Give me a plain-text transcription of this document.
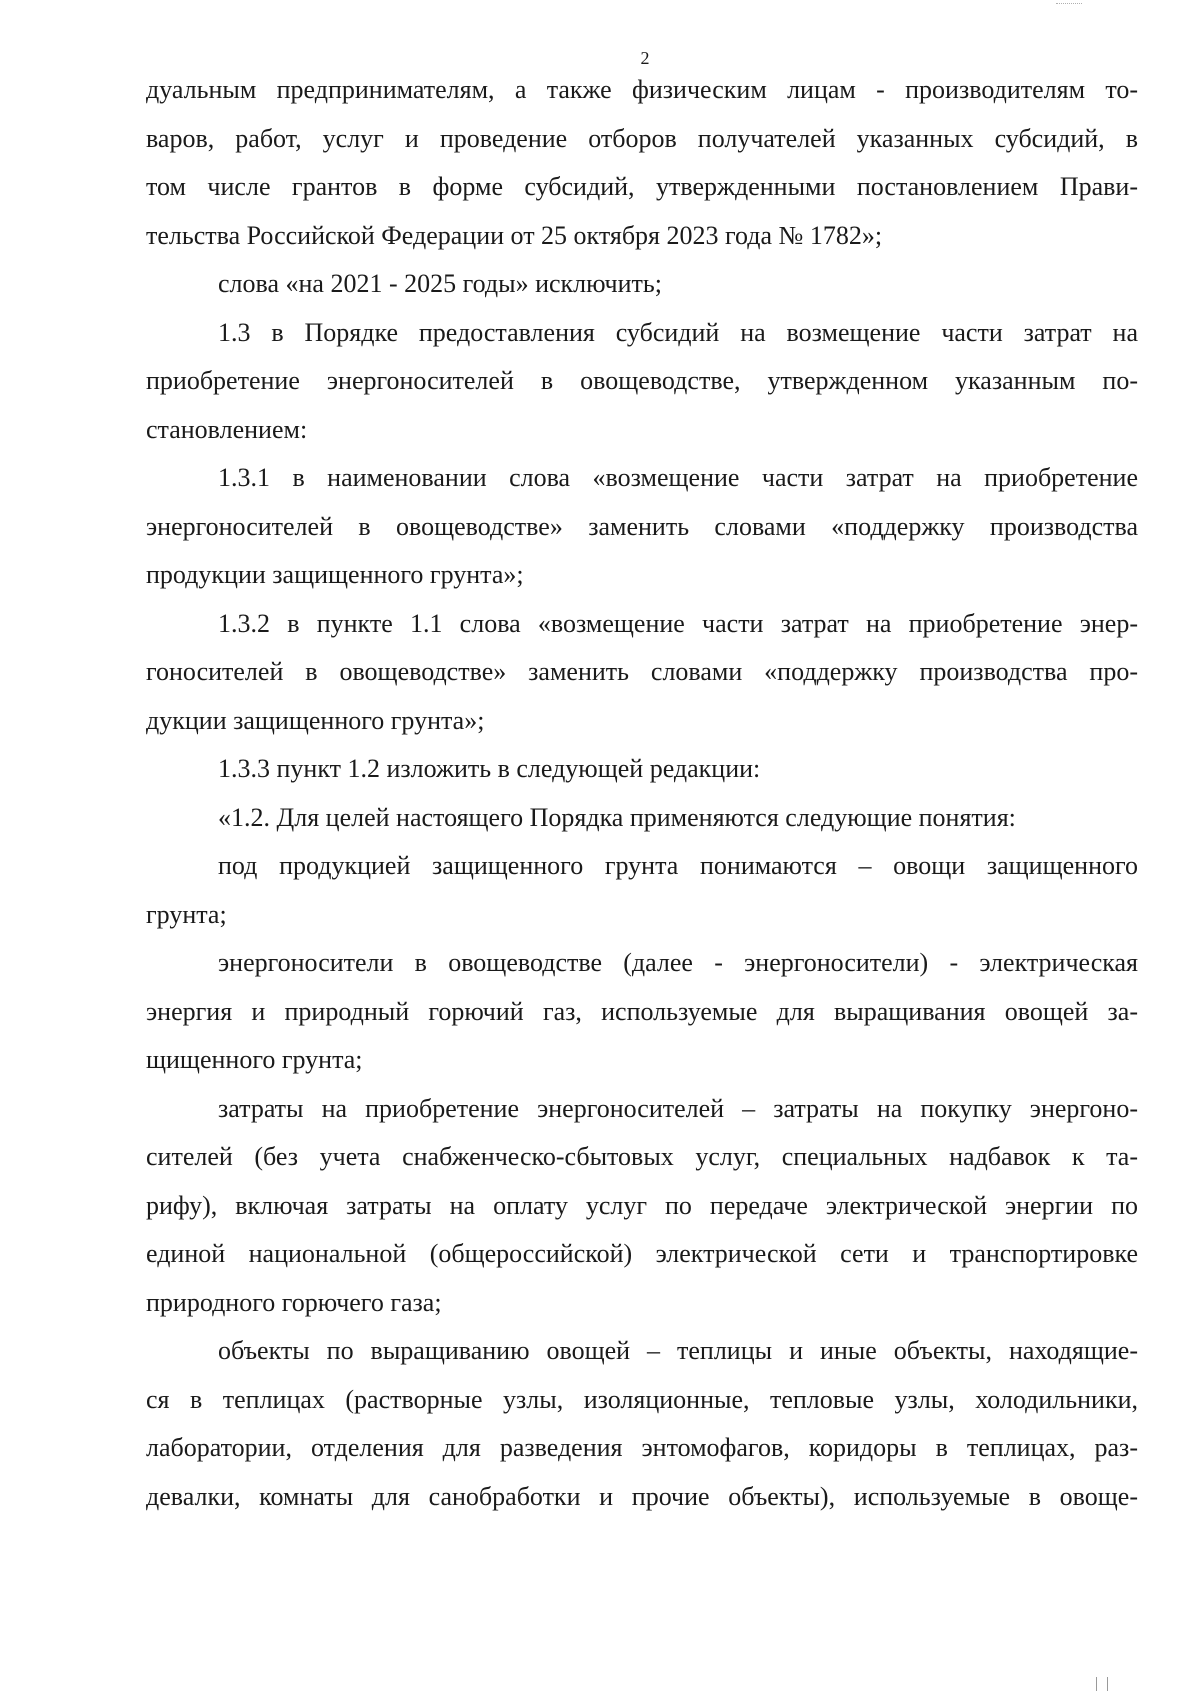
2
дуальным предпринимателям, а также физическим лицам - производителям то-
варов, работ, услуг и проведение отборов получателей указанных субсидий, в
том числе грантов в форме субсидий, утвержденными постановлением Прави-
тельства Российской Федерации от 25 октября 2023 года № 1782»;
слова «на 2021 - 2025 годы» исключить;
1.3 в Порядке предоставления субсидий на возмещение части затрат на
приобретение энергоносителей в овощеводстве, утвержденном указанным по-
становлением:
1.3.1 в наименовании слова «возмещение части затрат на приобретение
энергоносителей в овощеводстве» заменить словами «поддержку производства
продукции защищенного грунта»;
1.3.2 в пункте 1.1 слова «возмещение части затрат на приобретение энер-
гоносителей в овощеводстве» заменить словами «поддержку производства про-
дукции защищенного грунта»;
1.3.3 пункт 1.2 изложить в следующей редакции:
«1.2. Для целей настоящего Порядка применяются следующие понятия:
под продукцией защищенного грунта понимаются – овощи защищенного
грунта;
энергоносители в овощеводстве (далее - энергоносители) - электрическая
энергия и природный горючий газ, используемые для выращивания овощей за-
щищенного грунта;
затраты на приобретение энергоносителей – затраты на покупку энергоно-
сителей (без учета снабженческо-сбытовых услуг, специальных надбавок к та-
рифу), включая затраты на оплату услуг по передаче электрической энергии по
единой национальной (общероссийской) электрической сети и транспортировке
природного горючего газа;
объекты по выращиванию овощей – теплицы и иные объекты, находящие-
ся в теплицах (растворные узлы, изоляционные, тепловые узлы, холодильники,
лаборатории, отделения для разведения энтомофагов, коридоры в теплицах, раз-
девалки, комнаты для санобработки и прочие объекты), используемые в овоще-
